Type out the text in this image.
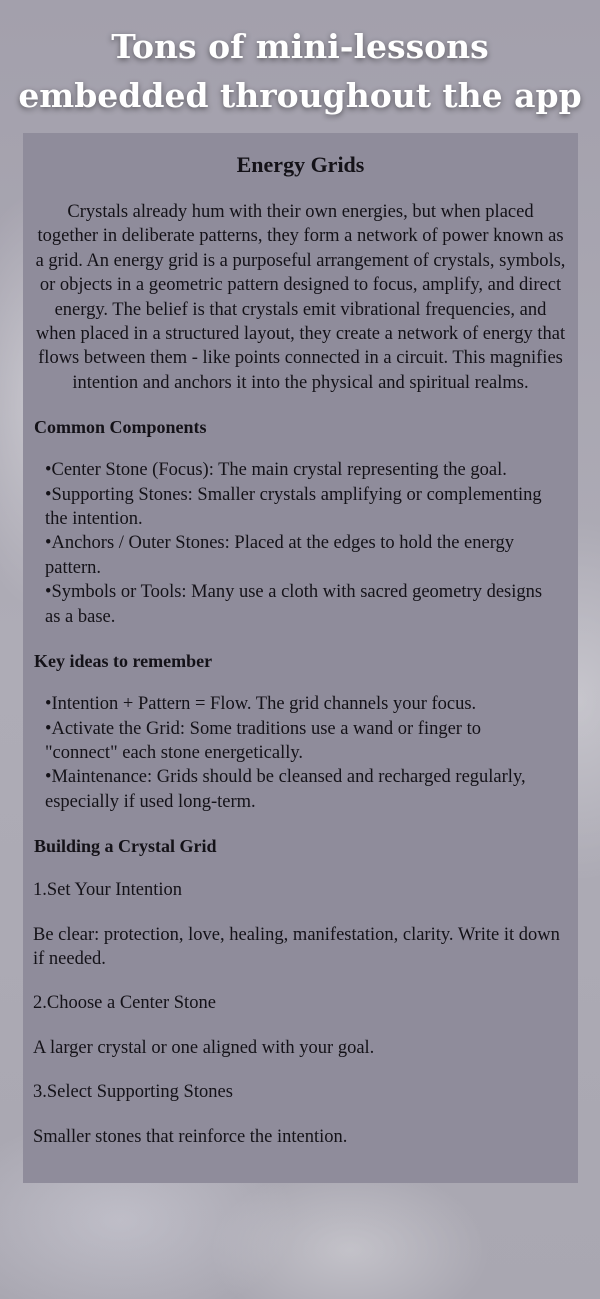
Tons of mini-lessons
embedded throughout the app
Energy Grids
Crystals already hum with their own energies, but when placed together in deliberate patterns, they form a network of power known as a grid. An energy grid is a purposeful arrangement of crystals, symbols, or objects in a geometric pattern designed to focus, amplify, and direct energy. The belief is that crystals emit vibrational frequencies, and when placed in a structured layout, they create a network of energy that flows between them - like points connected in a circuit. This magnifies intention and anchors it into the physical and spiritual realms.
Common Components
•Center Stone (Focus): The main crystal representing the goal.
•Supporting Stones: Smaller crystals amplifying or complementing the intention.
•Anchors / Outer Stones: Placed at the edges to hold the energy pattern.
•Symbols or Tools: Many use a cloth with sacred geometry designs as a base.
Key ideas to remember
•Intention + Pattern = Flow. The grid channels your focus.
•Activate the Grid: Some traditions use a wand or finger to "connect" each stone energetically.
•Maintenance: Grids should be cleansed and recharged regularly, especially if used long-term.
Building a Crystal Grid
1.Set Your Intention
Be clear: protection, love, healing, manifestation, clarity. Write it down if needed.
2.Choose a Center Stone
A larger crystal or one aligned with your goal.
3.Select Supporting Stones
Smaller stones that reinforce the intention.
